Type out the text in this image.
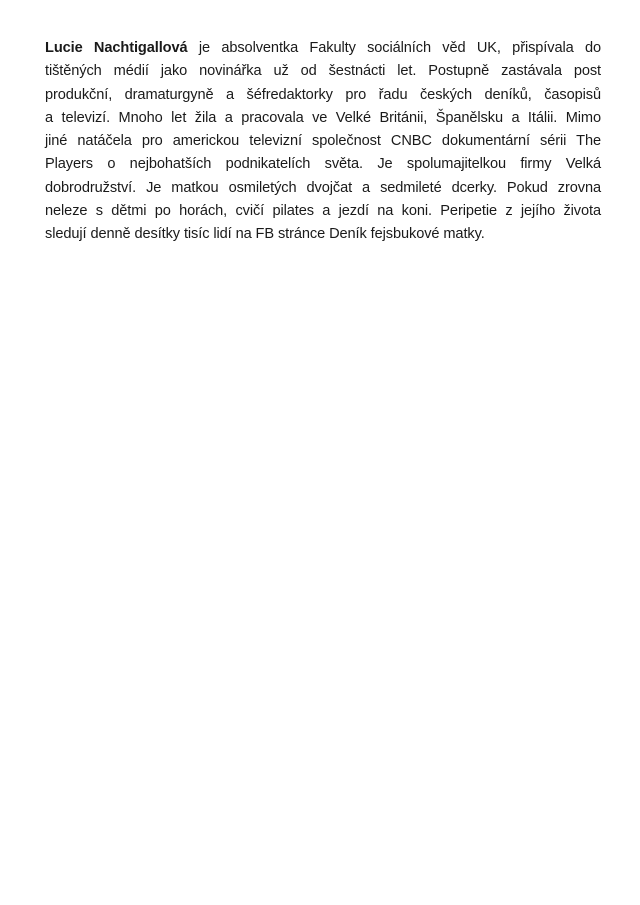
Lucie Nachtigallová je absolventka Fakulty sociálních věd UK, přispívala do
tištěných médií jako novinářka už od šestnácti let. Postupně zastávala post
produkční, dramaturgyně a šéfredaktorky pro řadu českých deníků, časopisů
a televizí. Mnoho let žila a pracovala ve Velké Británii, Španělsku a Itálii. Mimo
jiné natáčela pro americkou televizní společnost CNBC dokumentární sérii The
Players o nejbohatších podnikatelích světa. Je spolumajitelkou firmy Velká
dobrodružství. Je matkou osmiletých dvojčat a sedmileté dcerky. Pokud zrovna
neleze s dětmi po horách, cvičí pilates a jezdí na koni. Peripetie z jejího života
sledují denně desítky tisíc lidí na FB stránce Deník fejsbukové matky.
